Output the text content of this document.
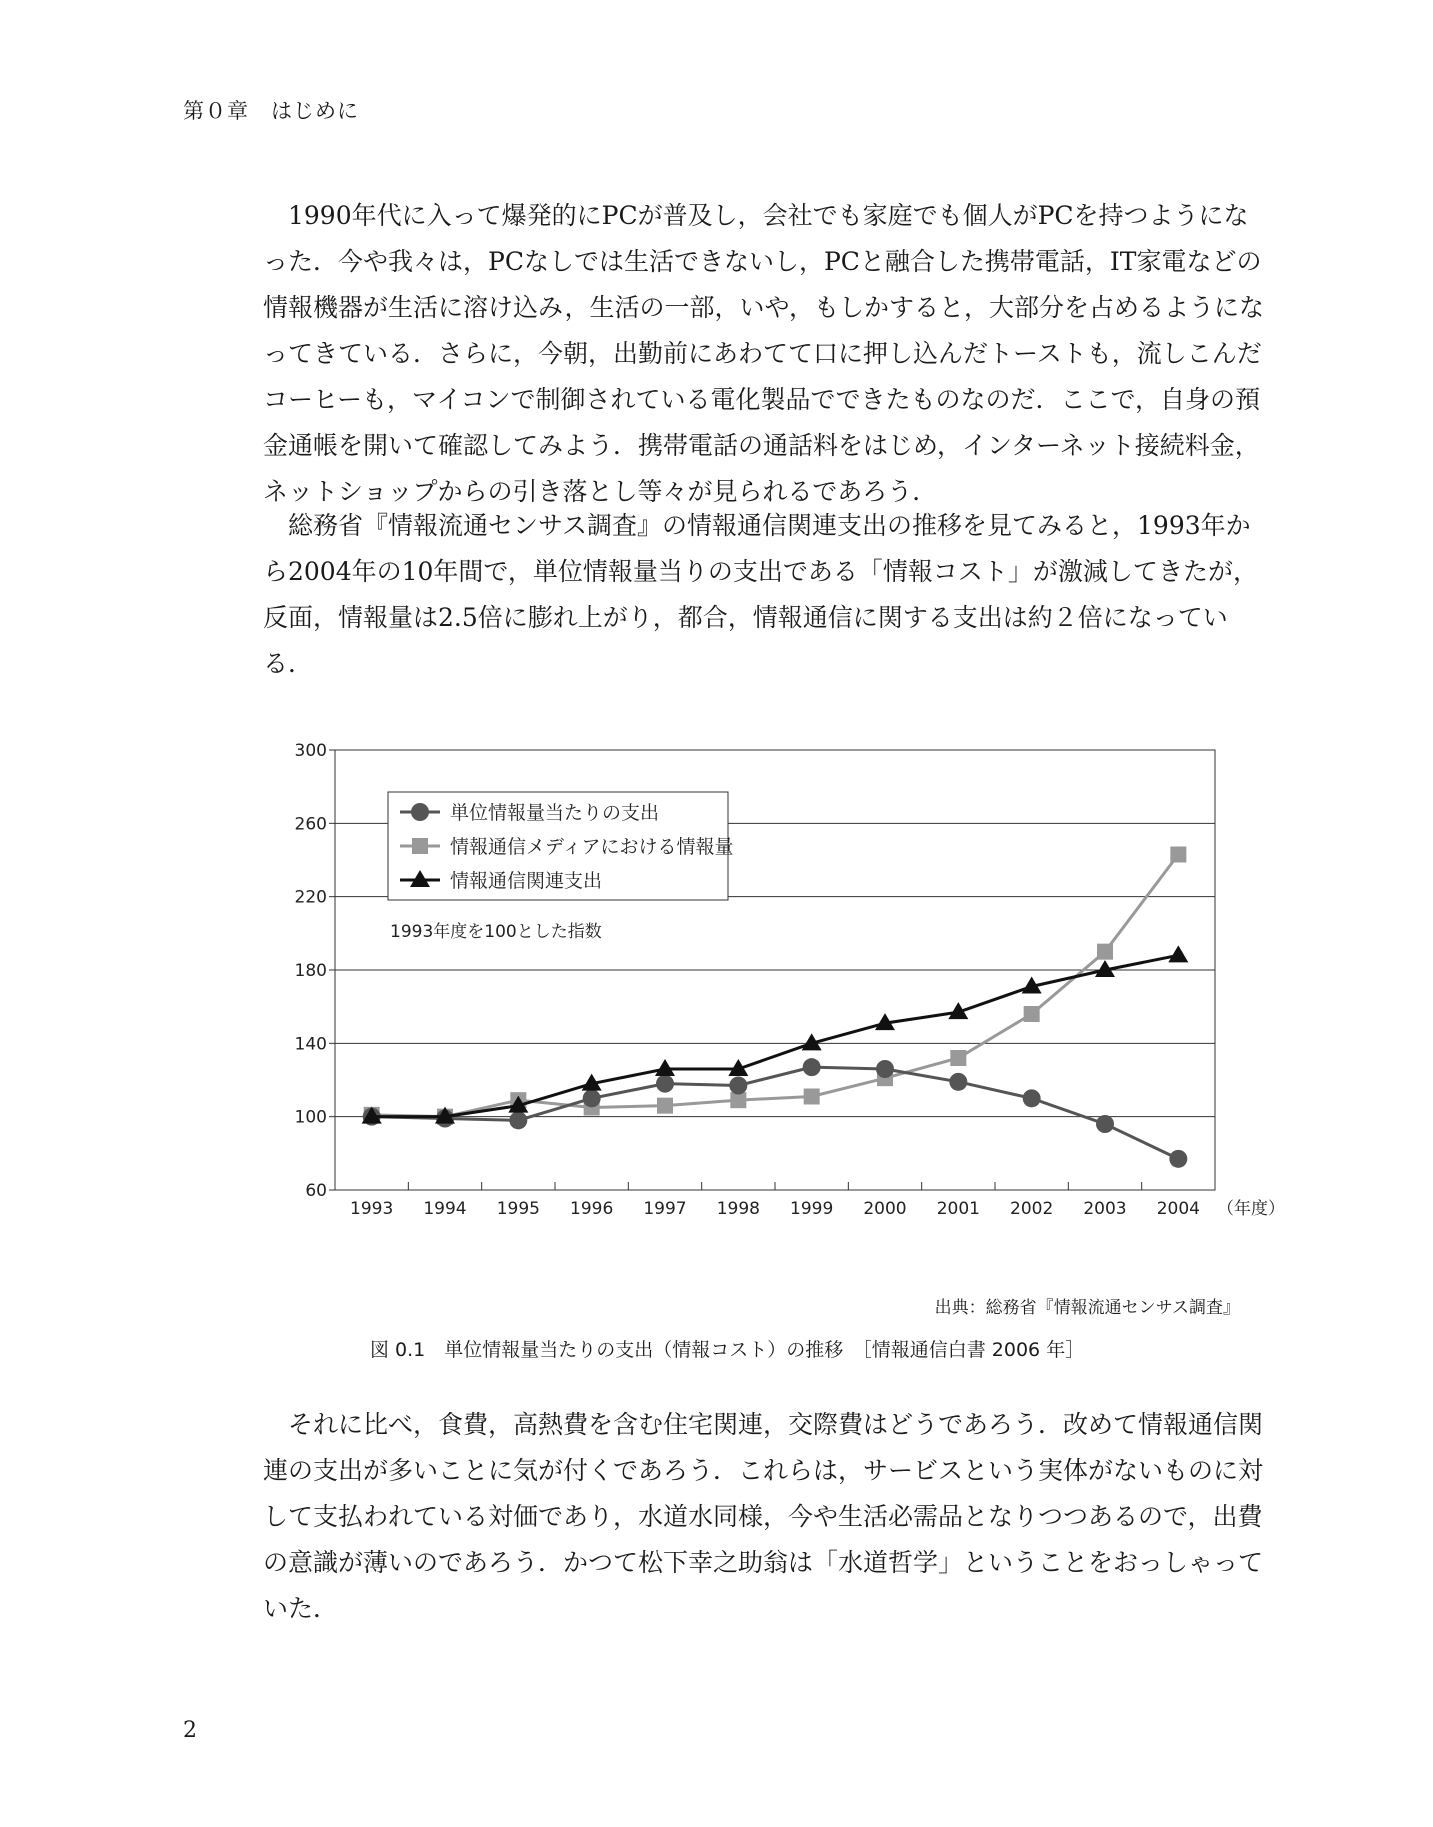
第０章　はじめに

1990年代に入って爆発的にPCが普及し，会社でも家庭でも個人がPCを持つようになった．今や我々は，PCなしでは生活できないし，PCと融合した携帯電話，IT家電などの情報機器が生活に溶け込み，生活の一部，いや，もしかすると，大部分を占めるようになってきている．さらに，今朝，出勤前にあわてて口に押し込んだトーストも，流しこんだコーヒーも，マイコンで制御されている電化製品でできたものなのだ．ここで，自身の預金通帳を開いて確認してみよう．携帯電話の通話料をはじめ，インターネット接続料金，ネットショップからの引き落とし等々が見られるであろう．

総務省『情報流通センサス調査』の情報通信関連支出の推移を見てみると，1993年から2004年の10年間で，単位情報量当りの支出である「情報コスト」が激減してきたが，反面，情報量は2.5倍に膨れ上がり，都合，情報通信に関する支出は約２倍になっている．

60
100
140
180
220
260
300
1993 1994 1995 1996 1997 1998 1999 2000 2001 2002 2003 2004 （年度）
単位情報量当たりの支出
情報通信メディアにおける情報量
情報通信関連支出
1993年度を100とした指数
出典：総務省『情報流通センサス調査』
図 0.1　単位情報量当たりの支出（情報コスト）の推移　［情報通信白書 2006 年］

それに比べ，食費，高熱費を含む住宅関連，交際費はどうであろう．改めて情報通信関連の支出が多いことに気が付くであろう．これらは，サービスという実体がないものに対して支払われている対価であり，水道水同様，今や生活必需品となりつつあるので，出費の意識が薄いのであろう．かつて松下幸之助翁は「水道哲学」ということをおっしゃっていた．

2
